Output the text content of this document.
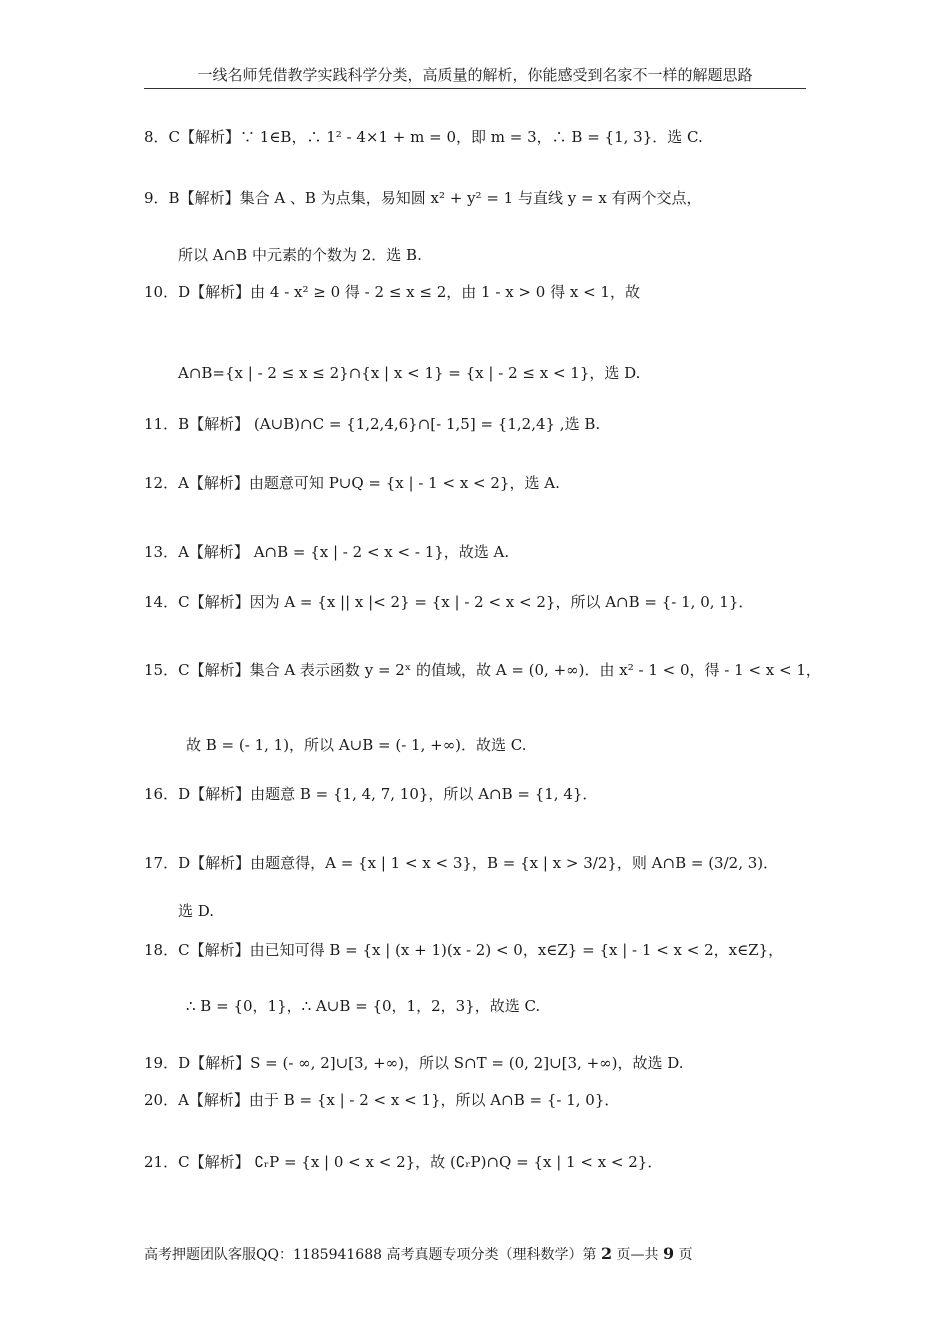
一线名师凭借教学实践科学分类，高质量的解析，你能感受到名家不一样的解题思路
8．C【解析】∵ 1∈B，∴ 1² - 4×1 + m = 0，即 m = 3，∴ B = {1, 3}．选 C.
9．B【解析】集合 A 、B 为点集，易知圆 x² + y² = 1 与直线 y = x 有两个交点，
所以 A∩B 中元素的个数为 2．选 B.
10．D【解析】由 4 - x² ≥ 0 得 - 2 ≤ x ≤ 2，由 1 - x > 0 得 x < 1，故
A∩B={x | - 2 ≤ x ≤ 2}∩{x | x < 1} = {x | - 2 ≤ x < 1}，选 D.
11．B【解析】 (A∪B)∩C = {1,2,4,6}∩[- 1,5] = {1,2,4} ,选 B.
12．A【解析】由题意可知 P∪Q = {x | - 1 < x < 2}，选 A.
13．A【解析】 A∩B = {x | - 2 < x < - 1}，故选 A.
14．C【解析】因为 A = {x || x |< 2} = {x | - 2 < x < 2}，所以 A∩B = {- 1, 0, 1}．
15．C【解析】集合 A 表示函数 y = 2ˣ 的值域，故 A = (0, +∞)．由 x² - 1 < 0，得 - 1 < x < 1，
故 B = (- 1, 1)，所以 A∪B = (- 1, +∞)．故选 C.
16．D【解析】由题意 B = {1, 4, 7, 10}，所以 A∩B = {1, 4}．
17．D【解析】由题意得，A = {x | 1 < x < 3}，B = {x | x > 3/2}，则 A∩B = (3/2, 3)．
选 D.
18．C【解析】由已知可得 B = {x | (x + 1)(x - 2) < 0，x∈Z} = {x | - 1 < x < 2，x∈Z}，
∴ B = {0，1}，∴ A∪B = {0，1，2，3}，故选 C.
19．D【解析】S = (- ∞, 2]∪[3, +∞)，所以 S∩T = (0, 2]∪[3, +∞)，故选 D.
20．A【解析】由于 B = {x | - 2 < x < 1}，所以 A∩B = {- 1, 0}．
21．C【解析】 ∁ᵣP = {x | 0 < x < 2}，故 (∁ᵣP)∩Q = {x | 1 < x < 2}．
高考押题团队客服QQ：1185941688 高考真题专项分类（理科数学）第 2 页—共 9 页
